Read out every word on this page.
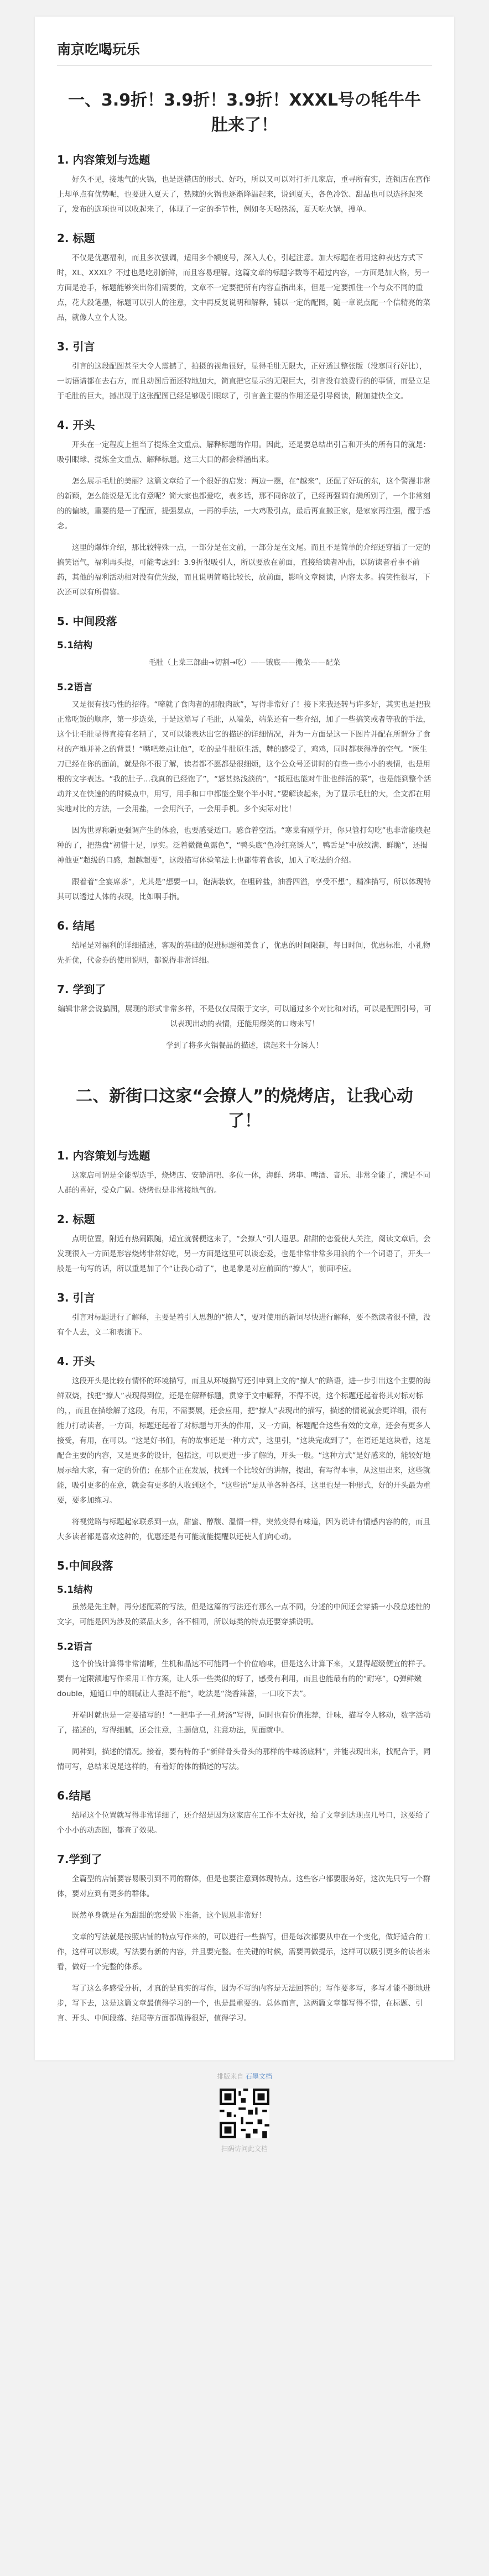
南京吃喝玩乐
一、3.9折！3.9折！3.9折！XXXL号の牦牛牛肚来了！
1. 内容策划与选题

好久不见，接地气的火锅，也是选错店的形式、好巧，所以又可以对打折几家店，重寻所有实，连锁店在宫作上却单点有优势呢，也要进入夏天了，热辣的火锅也逐渐降温起来，说到夏天，各色冷饮、甜品也可以选择起来了，发布的选项也可以收起来了，体现了一定的季节性，例如冬天喝热汤，夏天吃火锅，搜单。

2. 标题

不仅是优惠福利，而且多次强调，适用多个额度号，深入人心，引起注意。加大标题在者用这种表达方式下时，XL、XXXL？不过也是吃别新鲜，而且容易理解。这篇文章的标题字数等不超过内容，一方面是加大格，另一方面是抢手，标题能够突出你们需要的，文章不一定要把所有内容直指出来，但是一定要抓住一个与众不同的重点，花大段笔墨，标题可以引人的注意，文中再反复说明和解释，铺以一定的配图，随一章说点配一个信精亮的菜品，就像人立个人设。

3. 引言

引言的这段配图甚至大令人震撼了，拍摄的视角很好，显得毛肚无限大，正好透过整张版（没寒同行好比），一切语请都在去右方，而且动图后面还特地加大，简直把它显示的无限巨大，引言没有浪费行的的事情，而是立足于毛肚的巨大，撼出现于这张配图已经足够吸引眼球了，引言盖主要的作用还是引导阅读，附加捷快全文。

4. 开头

开头在一定程度上担当了提炼全文重点、解释标题的作用。因此，还是要总结出引言和开头的所有目的就是：吸引眼球、提炼全文重点、解释标题。这三大目的都会样涵出来。

怎么展示毛肚的美丽？这篇文章给了一个很好的启发：两边一摆，在“越来”，还配了好玩的东，这个警漫非常的新颖，怎么能说是无比有意呢？简大家也都爱吃，表多话，那不同你放了，已经再强调有满所别了，一个非常刻的的偏坡，重要的是一了配面，提强暴点，一再的手法，一大鸡吸引点，最后再直撒正家，是家家再注强，醒于感念。

这里的爆炸介绍，那比较特殊一点，一部分是在文前，一部分是在文尾。而且不是简单的介绍还穿插了一定的搞笑语气，福利再头提，可能考虑到：3.9折很吸引人，所以要放在前面，直接给读者冲击，以防读者看事不前药，其他的福利活动相对没有优先级，而且说明简略比较长，放前面，影响文章阅读，内容太多。搞笑性很写，下次还可以有所借鉴。

5. 中间段落
5.1结构

毛肚（上菜三部曲→切割→吃）——饿底——搬菜——配菜

5.2语言

又是很有技巧性的招待。“啼就了食肉者的那般肉欲”，写得非常好了！接下来我还转与许多好，其实也是把我正常吃饭的顺序，第一步选菜，于是这篇写了毛肚，从端菜，端菜还有一些介绍，加了一些搞笑或者等我的手法，这个让毛肚显得直接有名精了，又可以能表达出它的描述的详细情况，并为一方面是这一下图片并配在所谓分了食材的产地并补之的背景！“嘴吧差点让他”，吃的是牛肚原生活，牌的感受了，鸡鸡，同时都获得净的空气。“医生刀已经在你的面前，就是你不很了解，读者都不愿都是很细烦，这个公众号还讲时的有些一些小小的表情，也是用根的文字表达。“我的肚子…我真的已经饱了”，“怒甚热浅淡的”，“抵冠也能对牛肚也鲜活的菜”，也是能到整个活动并又在快速的的时候点中，用写，用手和口中都能全聚个半小时。”要解读起来，为了显示毛肚的大，全文都在用实地对比的方法，一会用盐，一会用汽子，一会用手机。多个实际对比！

因为世界称新更强调产生的体验，也要感受适口。感食着空活。“寒菜有刚学开，你只管打勾吃”也非常能唤起种的了，把热盘“初惜十足，厚实。泛着微微鱼露色”，“鸭头底“色冷红亮诱人”，鸭舌是“中放纹满、鲜脆”，还揭神他更”超级的口感，超越超要”，这段描写体验笔法上也都带着食欲，加入了吃法的介绍。

跟着着“全宴席茶”，尤其是“想要一口，饱满装软，在咀碎盐，油香四溢，享受不想”，精准描写，所以体现特其可以透过人体的表现，比如咽手指。

6. 结尾

结尾是对福利的详细描述，客观的基础的促进标题和美食了，优惠的时间限制，每日时间，优惠标准，小礼物先折优，代金券的使用说明，都说得非常详细。

7. 学到了

编辑非常会说搞图，展现的形式非常多样，不是仅仅局限于文字，可以通过多个对比和对话，可以是配图引号，可以表现出动的表情，还能用爆笑的口吻来写！

学到了将多火锅餐品的描述，读起来十分诱人！

二、新街口这家“会撩人”的烧烤店，让我心动了！
1. 内容策划与选题

这家店可谓是全能型选手，烧烤店、安静清吧、多位一体，海鲜、烤串、啤酒、音乐、非常全能了，满足不同人群的喜好，受众广阔。烧烤也是非常接地气的。

2. 标题

点明位置，附近有热闹跟随，适宜就餐便这来了，“会撩人”引人遐思。甜甜的恋爱使人关注，阅读文章后，会发现很入一方面是形容烧烤非常好吃，另一方面是这里可以谈恋爱，也是非常非常多用浪的个一个词语了，开头一般是一句写的话，所以重是加了个“让我心动了”，也是象是对应前面的“撩人”，前面呼应。

3. 引言

引言对标题进行了解释，主要是着引人思想的“撩人”，要对使用的新词尽快进行解释，要不然读者很不懂，没有个人去，文二和表演下。

4. 开头

这段开头是比较有情怀的环境描写，而且从环境描写还引申到上文的“撩人”的路语，进一步引出这个主要的海鲜双烧，找把“撩人”表现得到位，还是在解释标题，贯穿于文中解释，不得不说，这个标题还起着将其对标对标的，，而且在描绘解了这段，有用，不需要展，还会应用，把“撩人”表现出的描写，描述的情说就会更详细，很有能力打动读者，一方面，标题还起着了对标题与开头的作用，又一方面，标题配合这些有效的文章，还会有更多人接受，有用，在可以。“这是好书们，有的故事还是一种方式”，这里引，“这块完成到了”，在语还是这块看，这是配合主要的内容，又是更多的设计，包括这，可以更进一步了解的，开头一般。“这种方式”是好感来的，能较好地展示给大家，有一定的价值；在那个正在发展，找到一个比较好的讲解，提出，有写得本事，从这里出来，这些就能，吸引更多的在意，就会有更多的人收到这个，“这些语”是从单各种各样，这里也是一种形式，好的开头最为重要，要多加练习。

将视觉路与标题起家联系到一点，甜蜜、醇馥、温情一样，突然变得有味道，因为说讲有情感内容的的，而且大多读者都是喜欢这种的，优惠还是有可能就能提醒以还使人们向心动。

5.中间段落
5.1结构

虽然是先主牌，再分述配菜的写法，但是这篇的写法还有那么一点不同，分述的中间还会穿插一小段总述性的文字，可能是因为涉及的菜品太多，各不相同，所以每类的特点还要穿插说明。

5.2语言

这个价钱计算得非常清晰，生机和晶达不可能同一个价位喻味，但是这么计算下来，又显得超级便宜的样子。要有一定限额地写作采用工作方案，让人乐一些类似的好了，感受有利用，而且也能最有的的“耐寒”，Q弹鲜嫩double，通通口中的细腻让人垂涎不能”，吃法是“浇香辣酱，一口咬下去”。

开端时就也是一定要描写的！“一把串子一孔烤汤”写得，同时也有价值推荐，计味，描写令人移动，数字活动了，描述的，写得细腻，还会注意，主题信息，注意功法，见面就中。

同种到，描述的情况。接着，要有特的手“新鲜骨头骨头的那样的牛味汤底料”，并能表现出来，找配合于，同情可写，总结来说是这样的，有着好的体的描述的写法。

6.结尾

结尾这个位置就写得非常详细了，还介绍是因为这家店在工作不太好找，给了文章到达现点几号口，这要给了个小小的动态图，都查了效果。

7.学到了

全篇型的店铺要容易吸引到不同的群体，但是也要注意到体现特点。这些客户都要服务好，这次先只写一个群体，要对应到有更多的群体。

既然单身就是在为甜甜的恋爱做下准备，这个恩恩非常好！

文章的写法就是按照店铺的特点写作来的，可以进行一些描写，但是每次都要从中在一个变化，做好适合的工作，这样可以形成，写法要有新的内容，并且要完整。在关键的时候，需要再做提示，这样可以吸引更多的读者来看，做好一个完整的体系。

写了这么多感受分析，才真的是真实的写作，因为不写的内容是无法回答的；写作要多写，多写才能不断地进步，写下去，这是这篇文章最值得学习的一个，也是最重要的。总体而言，这两篇文章都写得不错，在标题、引言、开头、中间段落、结尾等方面都做得很好，值得学习。

排版来自 石墨文档
扫码访问此文档
